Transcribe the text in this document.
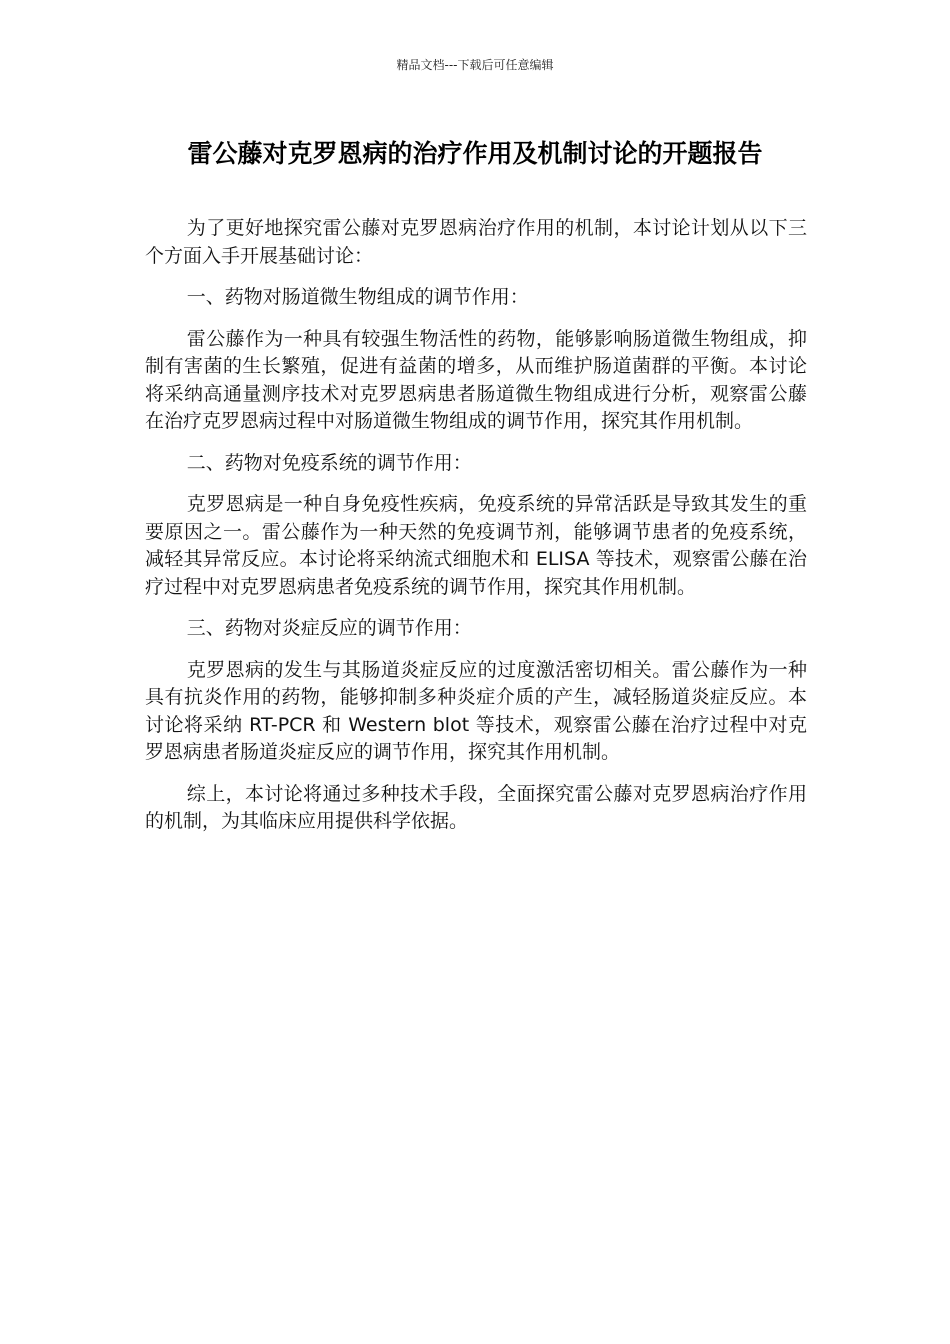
精品文档---下载后可任意编辑
雷公藤对克罗恩病的治疗作用及机制讨论的开题报告

为了更好地探究雷公藤对克罗恩病治疗作用的机制，本讨论计划从以下三个方面入手开展基础讨论：

一、药物对肠道微生物组成的调节作用：

雷公藤作为一种具有较强生物活性的药物，能够影响肠道微生物组成，抑制有害菌的生长繁殖，促进有益菌的增多，从而维护肠道菌群的平衡。本讨论将采纳高通量测序技术对克罗恩病患者肠道微生物组成进行分析，观察雷公藤在治疗克罗恩病过程中对肠道微生物组成的调节作用，探究其作用机制。

二、药物对免疫系统的调节作用：

克罗恩病是一种自身免疫性疾病，免疫系统的异常活跃是导致其发生的重要原因之一。雷公藤作为一种天然的免疫调节剂，能够调节患者的免疫系统，减轻其异常反应。本讨论将采纳流式细胞术和 ELISA 等技术，观察雷公藤在治疗过程中对克罗恩病患者免疫系统的调节作用，探究其作用机制。

三、药物对炎症反应的调节作用：

克罗恩病的发生与其肠道炎症反应的过度激活密切相关。雷公藤作为一种具有抗炎作用的药物，能够抑制多种炎症介质的产生，减轻肠道炎症反应。本讨论将采纳 RT-PCR 和 Western blot 等技术，观察雷公藤在治疗过程中对克罗恩病患者肠道炎症反应的调节作用，探究其作用机制。

综上，本讨论将通过多种技术手段，全面探究雷公藤对克罗恩病治疗作用的机制，为其临床应用提供科学依据。
